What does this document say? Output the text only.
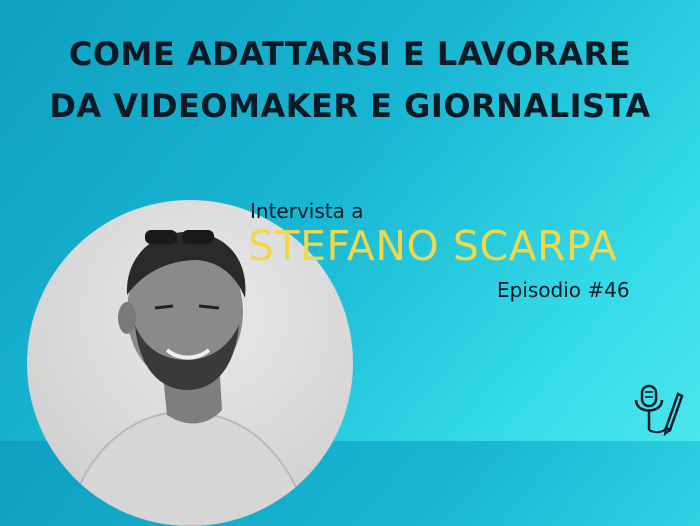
COME ADATTARSI E LAVORARE
DA VIDEOMAKER E GIORNALISTA
Intervista a
STEFANO SCARPA
Episodio #46
